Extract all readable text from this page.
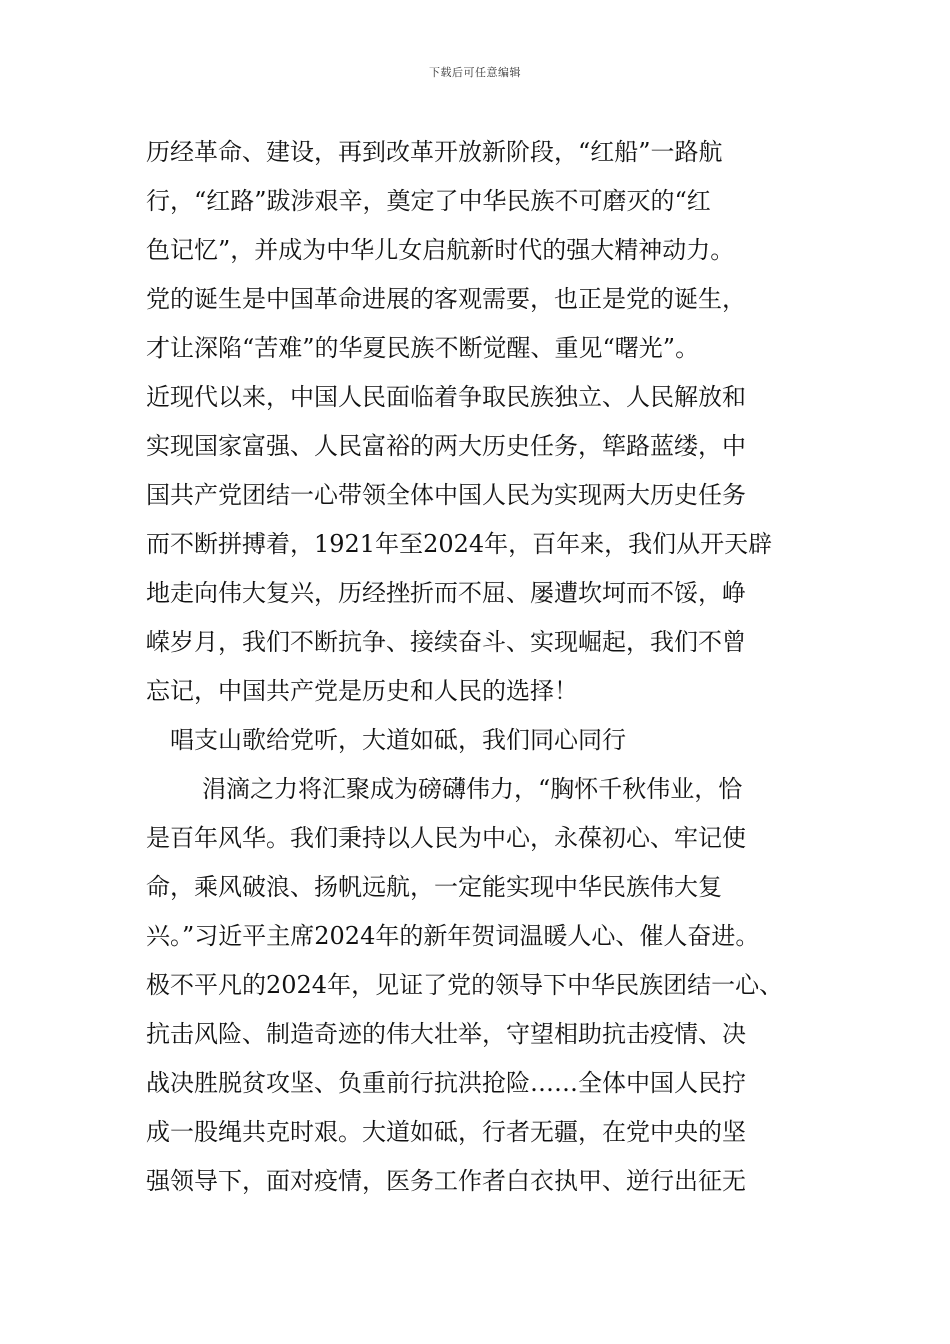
下载后可任意编辑
历经革命、建设，再到改革开放新阶段，“红船”一路航
行，“红路”跋涉艰辛，奠定了中华民族不可磨灭的“红
色记忆”，并成为中华儿女启航新时代的强大精神动力。
党的诞生是中国革命进展的客观需要，也正是党的诞生，
才让深陷“苦难”的华夏民族不断觉醒、重见“曙光”。
近现代以来，中国人民面临着争取民族独立、人民解放和
实现国家富强、人民富裕的两大历史任务，筚路蓝缕，中
国共产党团结一心带领全体中国人民为实现两大历史任务
而不断拼搏着，1921年至2024年，百年来，我们从开天辟
地走向伟大复兴，历经挫折而不屈、屡遭坎坷而不馁，峥
嵘岁月，我们不断抗争、接续奋斗、实现崛起，我们不曾
忘记，中国共产党是历史和人民的选择！
唱支山歌给党听，大道如砥，我们同心同行
涓滴之力将汇聚成为磅礴伟力，“胸怀千秋伟业，恰
是百年风华。我们秉持以人民为中心，永葆初心、牢记使
命，乘风破浪、扬帆远航，一定能实现中华民族伟大复
兴。”习近平主席2024年的新年贺词温暖人心、催人奋进。
极不平凡的2024年，见证了党的领导下中华民族团结一心、
抗击风险、制造奇迹的伟大壮举，守望相助抗击疫情、决
战决胜脱贫攻坚、负重前行抗洪抢险……全体中国人民拧
成一股绳共克时艰。大道如砥，行者无疆，在党中央的坚
强领导下，面对疫情，医务工作者白衣执甲、逆行出征无
